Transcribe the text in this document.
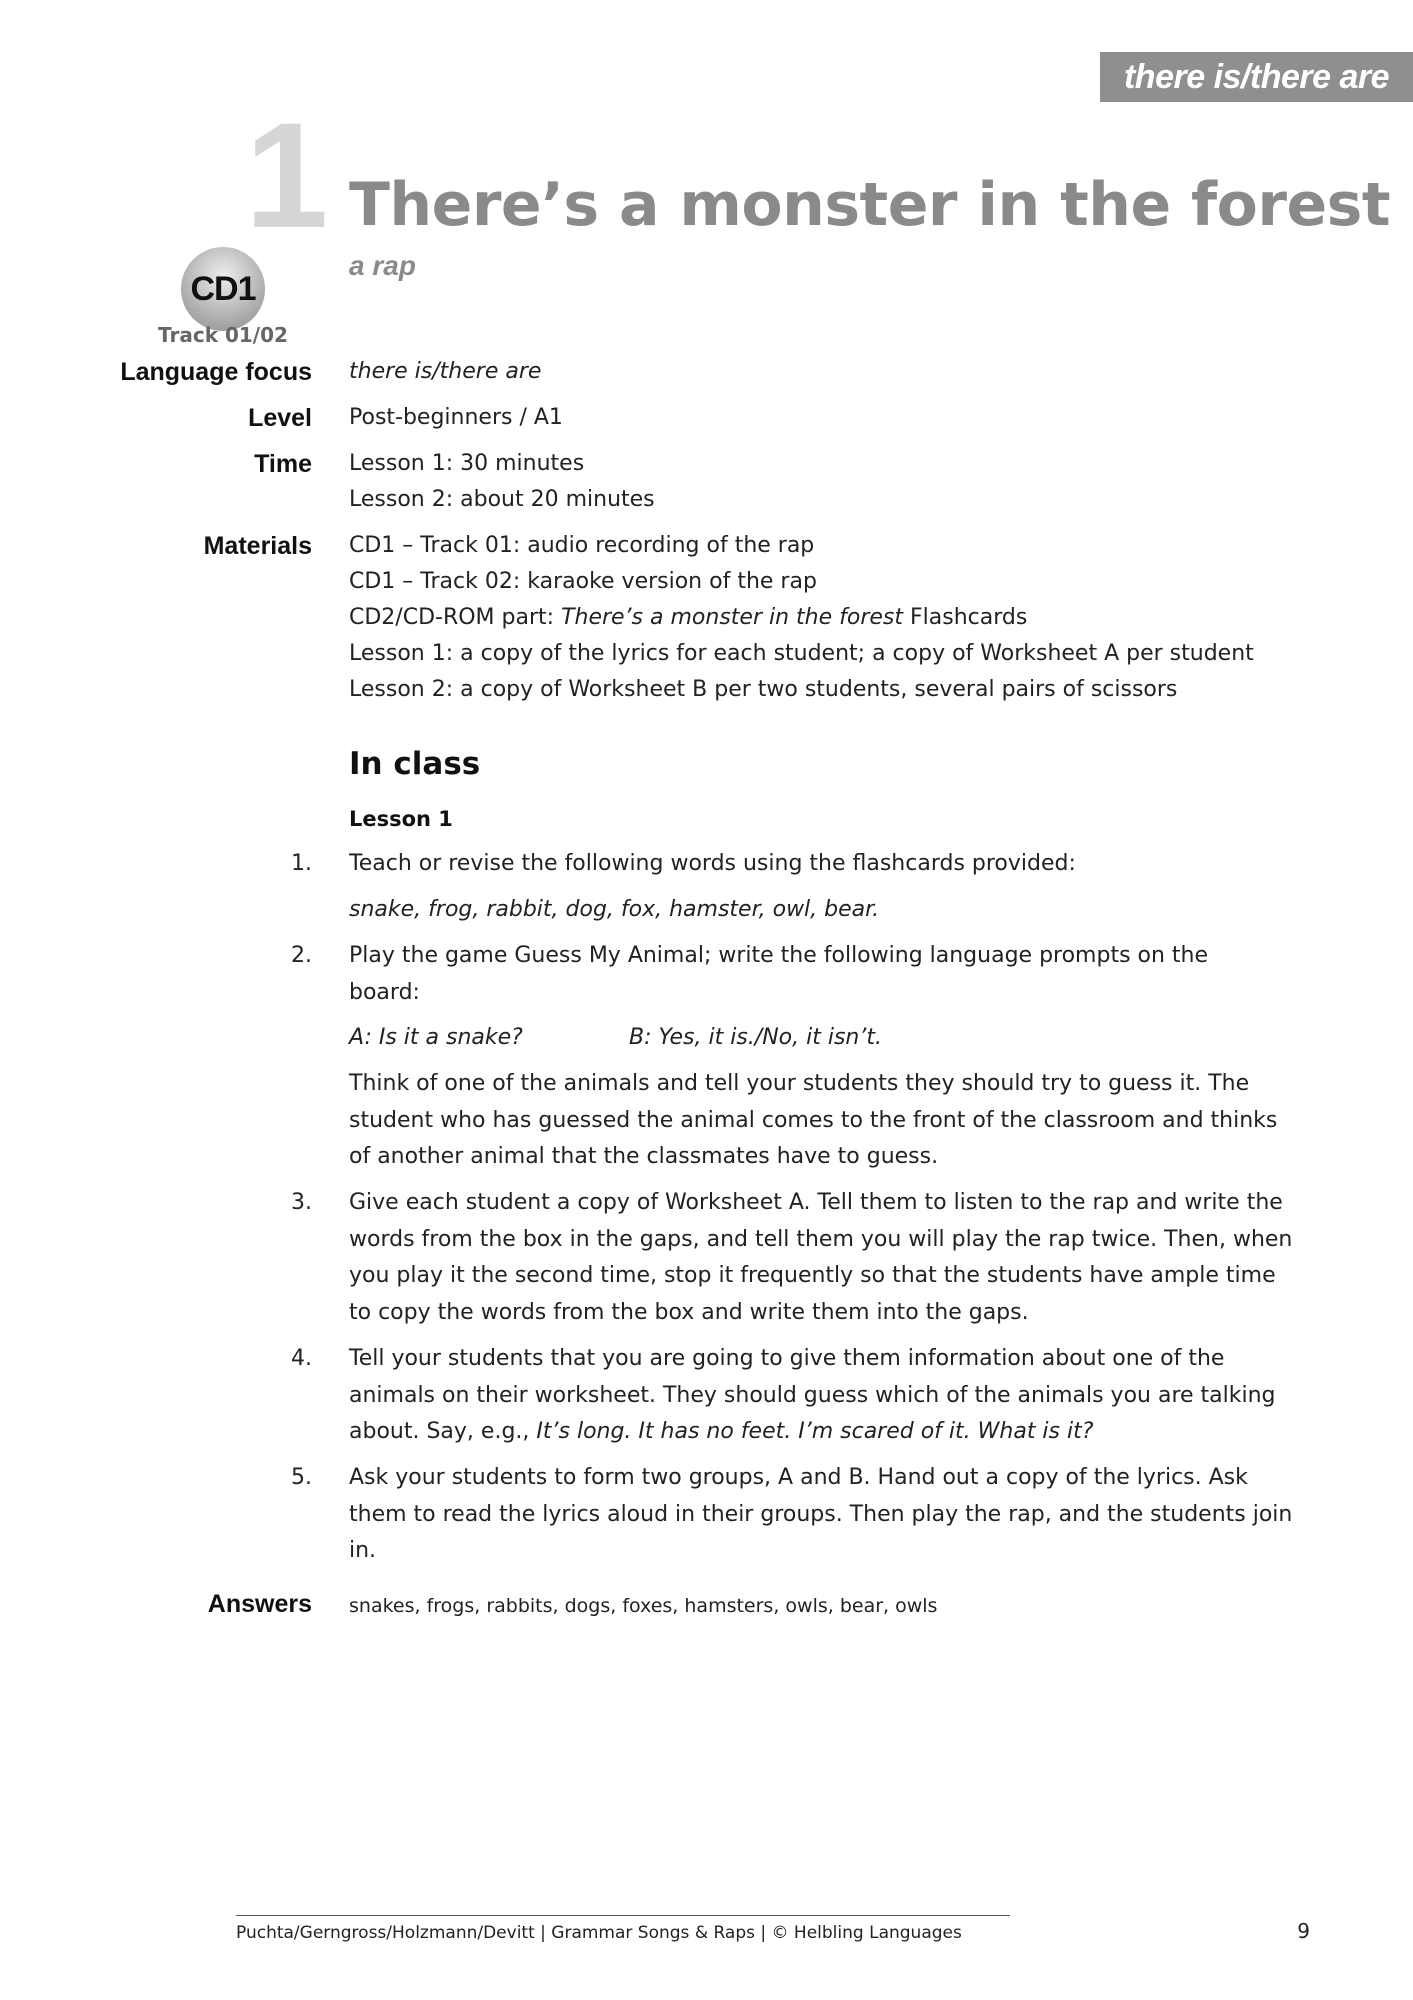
there is/there are
1 There’s a monster in the forest
a rap
CD1
Track 01/02
Language focus there is/there are
Level Post-beginners / A1
Time Lesson 1: 30 minutes
Lesson 2: about 20 minutes
Materials CD1 – Track 01: audio recording of the rap
CD1 – Track 02: karaoke version of the rap
CD2/CD-ROM part: There’s a monster in the forest Flashcards
Lesson 1: a copy of the lyrics for each student; a copy of Worksheet A per student
Lesson 2: a copy of Worksheet B per two students, several pairs of scissors
In class
Lesson 1
1. Teach or revise the following words using the flashcards provided:
snake, frog, rabbit, dog, fox, hamster, owl, bear.
2. Play the game Guess My Animal; write the following language prompts on the board:
A: Is it a snake?	B: Yes, it is./No, it isn’t.
Think of one of the animals and tell your students they should try to guess it. The student who has guessed the animal comes to the front of the classroom and thinks of another animal that the classmates have to guess.
3. Give each student a copy of Worksheet A. Tell them to listen to the rap and write the words from the box in the gaps, and tell them you will play the rap twice. Then, when you play it the second time, stop it frequently so that the students have ample time to copy the words from the box and write them into the gaps.
4. Tell your students that you are going to give them information about one of the animals on their worksheet. They should guess which of the animals you are talking about. Say, e.g., It’s long. It has no feet. I’m scared of it. What is it?
5. Ask your students to form two groups, A and B. Hand out a copy of the lyrics. Ask them to read the lyrics aloud in their groups. Then play the rap, and the students join in.
Answers snakes, frogs, rabbits, dogs, foxes, hamsters, owls, bear, owls
Puchta/Gerngross/Holzmann/Devitt | Grammar Songs & Raps | © Helbling Languages	9
